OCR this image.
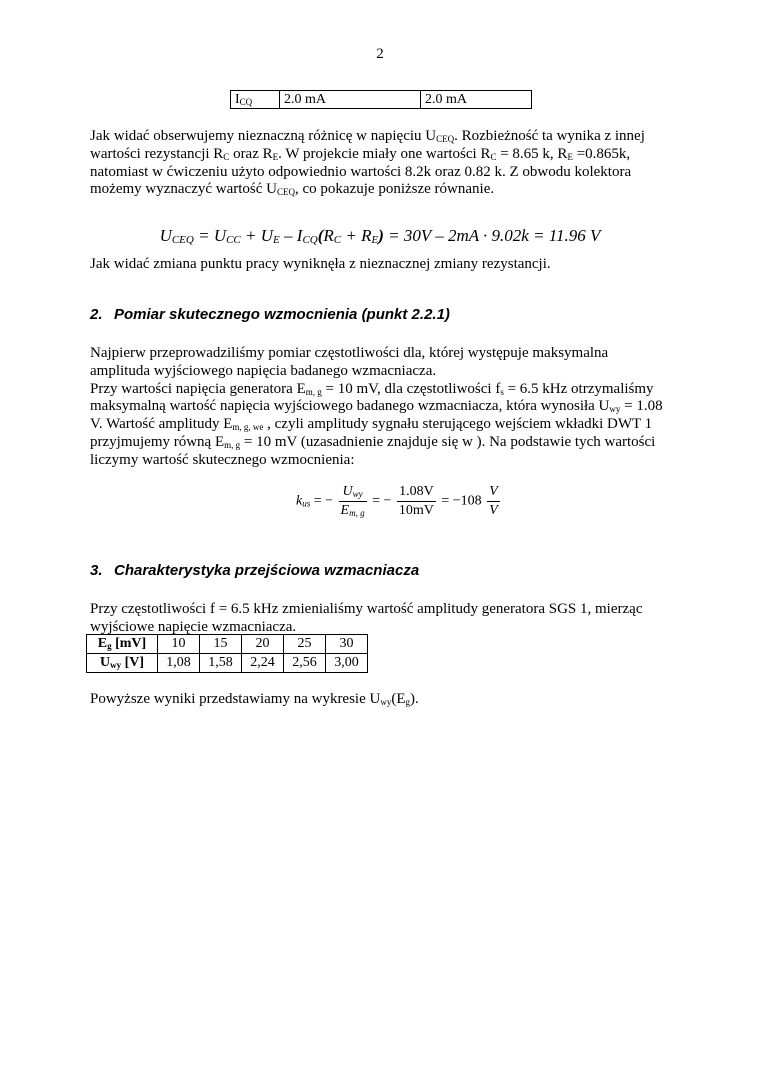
2
$I_{CQ}$	2.0 mA	2.0 mA
Jak widać obserwujemy nieznaczną różnicę w napięciu $U_{CEQ}$. Rozbieżność ta wynika z innej wartości rezystancji $R_C$ oraz $R_E$. W projekcie miały one wartości $R_C = 8.65$ k, $R_E =0.865k$, natomiast w ćwiczeniu użyto odpowiednio wartości 8.2k oraz 0.82 k. Z obwodu kolektora możemy wyznaczyć wartość $U_{CEQ}$, co pokazuje poniższe równanie.
$U_{CEQ} = U_{CC} + U_E - I_{CQ}(R_C + R_E) = 30V - 2mA \cdot 9.02k = 11.96$ V
Jak widać zmiana punktu pracy wyniknęła z nieznacznej zmiany rezystancji.
2. Pomiar skutecznego wzmocnienia (punkt 2.2.1)
Najpierw przeprowadziliśmy pomiar częstotliwości dla, której występuje maksymalna amplituda wyjściowego napięcia badanego wzmacniacza.
Przy wartości napięcia generatora $E_{m, g} = 10$ mV, dla częstotliwości $f_s = 6.5$ kHz otrzymaliśmy maksymalną wartość napięcia wyjściowego badanego wzmacniacza, która wynosiła $U_{wy} = 1.08$ V. Wartość amplitudy $E_{m, g, we}$ , czyli amplitudy sygnału sterującego wejściem wkładki DWT 1 przyjmujemy równą $E_{m, g} = 10$ mV (uzasadnienie znajduje się w ). Na podstawie tych wartości liczymy wartość skutecznego wzmocnienia:
$k_{us}$ = − $\frac{U_{wy}}{E_{m, g}}$ = − $\frac{1.08V}{10mV} = -108 \frac{V}{V}$
3. Charakterystyka przejściowa wzmacniacza
Przy częstotliwości f = 6.5 kHz zmienialiśmy wartość amplitudy generatora SGS 1, mierząc wyjściowe napięcie wzmacniacza.
$E_g$ [mV]	10	15	20	25	30
$U_{wy}$ [V]	1,08	1,58	2,24	2,56	3,00
Powyższe wyniki przedstawiamy na wykresie $U_{wy}(E_g)$.
